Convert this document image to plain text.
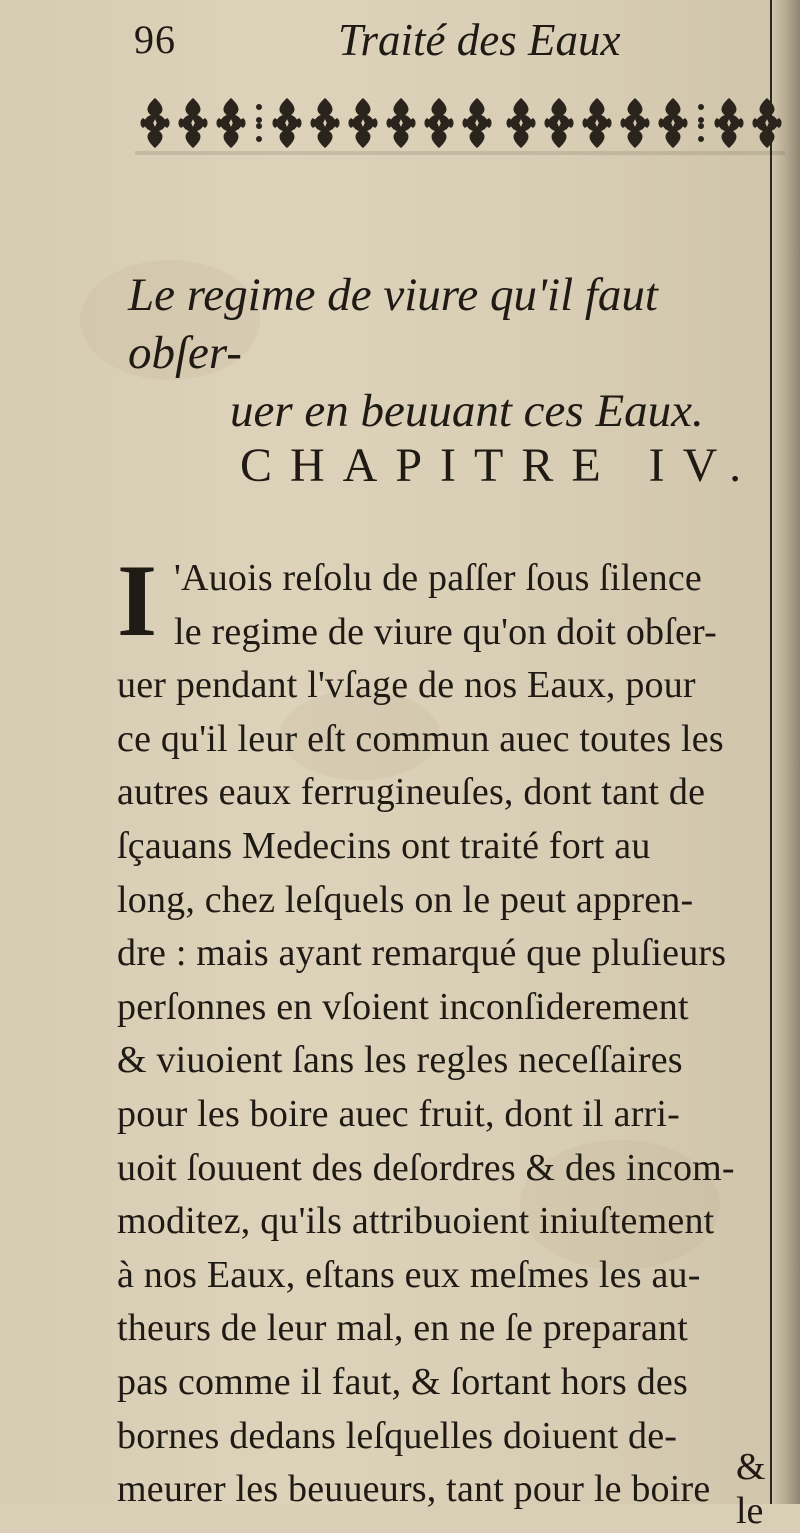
96	Traité des Eaux
Le regime de viure qu'il faut obſer-
uer en beuuant ces Eaux.
CHAPITRE IV.
I 'Auois reſolu de paſſer ſous ſilence
le regime de viure qu'on doit obſer-
uer pendant l'vſage de nos Eaux, pour
ce qu'il leur eſt commun auec toutes les
autres eaux ferrugineuſes, dont tant de
ſçauans Medecins ont traité fort au
long, chez leſquels on le peut appren-
dre : mais ayant remarqué que pluſieurs
perſonnes en vſoient inconſiderement
& viuoient ſans les regles neceſſaires
pour les boire auec fruit, dont il arri-
uoit ſouuent des deſordres & des incom-
moditez, qu'ils attribuoient iniuſtement
à nos Eaux, eſtans eux meſmes les au-
theurs de leur mal, en ne ſe preparant
pas comme il faut, & ſortant hors des
bornes dedans leſquelles doiuent de-
meurer les beuueurs, tant pour le boire
& le
